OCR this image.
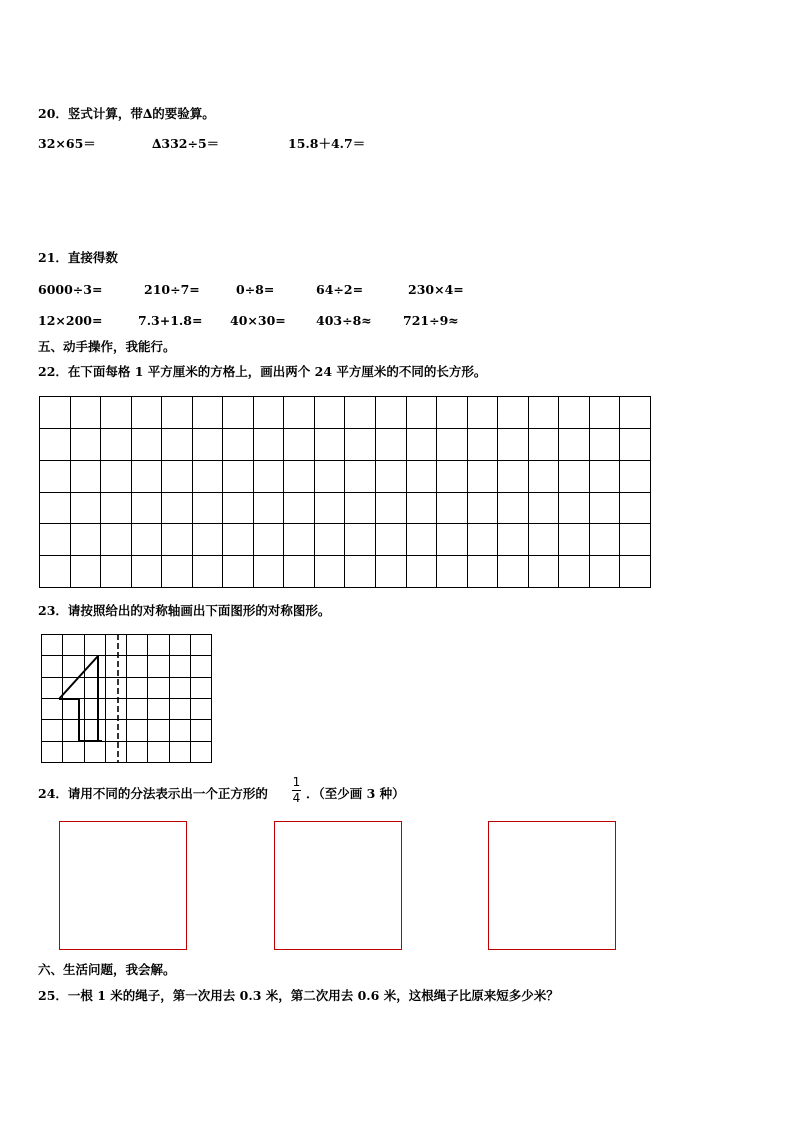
20．竖式计算，带∆的要验算。
32×65＝	∆332÷5＝	15.8＋4.7＝
21．直接得数
6000÷3=	210÷7=	0÷8=	64÷2=	230×4=
12×200=	7.3+1.8= 40×30= 403÷8≈	721÷9≈
五、动手操作，我能行。
22．在下面每格 1 平方厘米的方格上，画出两个 24 平方厘米的不同的长方形。
23．请按照给出的对称轴画出下面图形的对称图形。
24．请用不同的分法表示出一个正方形的
1
4 ．（至少画 3 种）
六、生活问题，我会解。
25．一根 1 米的绳子，第一次用去 0.3 米，第二次用去 0.6 米，这根绳子比原来短多少米？
